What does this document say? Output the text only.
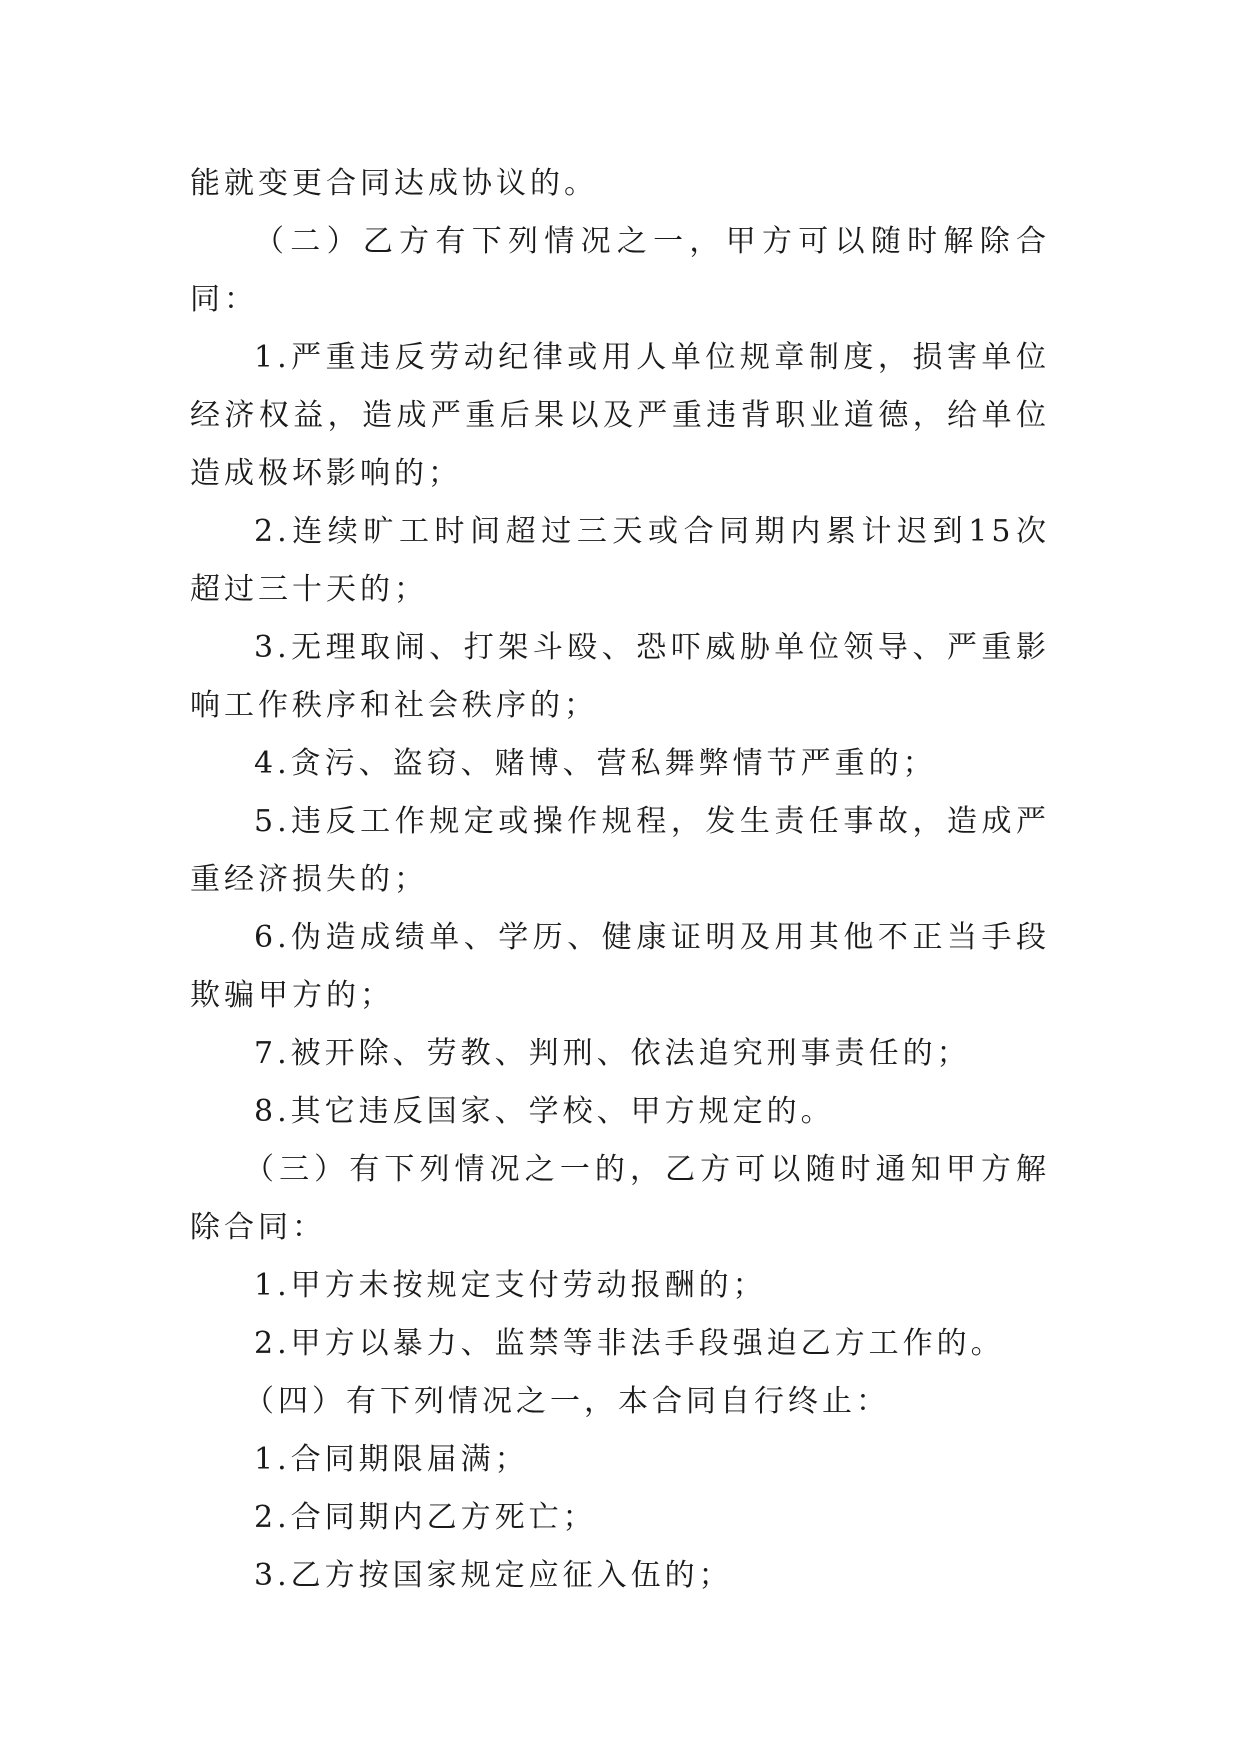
能就变更合同达成协议的。

（二）乙方有下列情况之一，甲方可以随时解除合同：

1.严重违反劳动纪律或用人单位规章制度，损害单位经济权益，造成严重后果以及严重违背职业道德，给单位造成极坏影响的；

2.连续旷工时间超过三天或合同期内累计迟到15次超过三十天的；

3.无理取闹、打架斗殴、恐吓威胁单位领导、严重影响工作秩序和社会秩序的；

4.贪污、盗窃、赌博、营私舞弊情节严重的；

5.违反工作规定或操作规程，发生责任事故，造成严重经济损失的；

6.伪造成绩单、学历、健康证明及用其他不正当手段欺骗甲方的；

7.被开除、劳教、判刑、依法追究刑事责任的；

8.其它违反国家、学校、甲方规定的。

（三）有下列情况之一的，乙方可以随时通知甲方解除合同：

1.甲方未按规定支付劳动报酬的；

2.甲方以暴力、监禁等非法手段强迫乙方工作的。

（四）有下列情况之一，本合同自行终止：

1.合同期限届满；

2.合同期内乙方死亡；

3.乙方按国家规定应征入伍的；
